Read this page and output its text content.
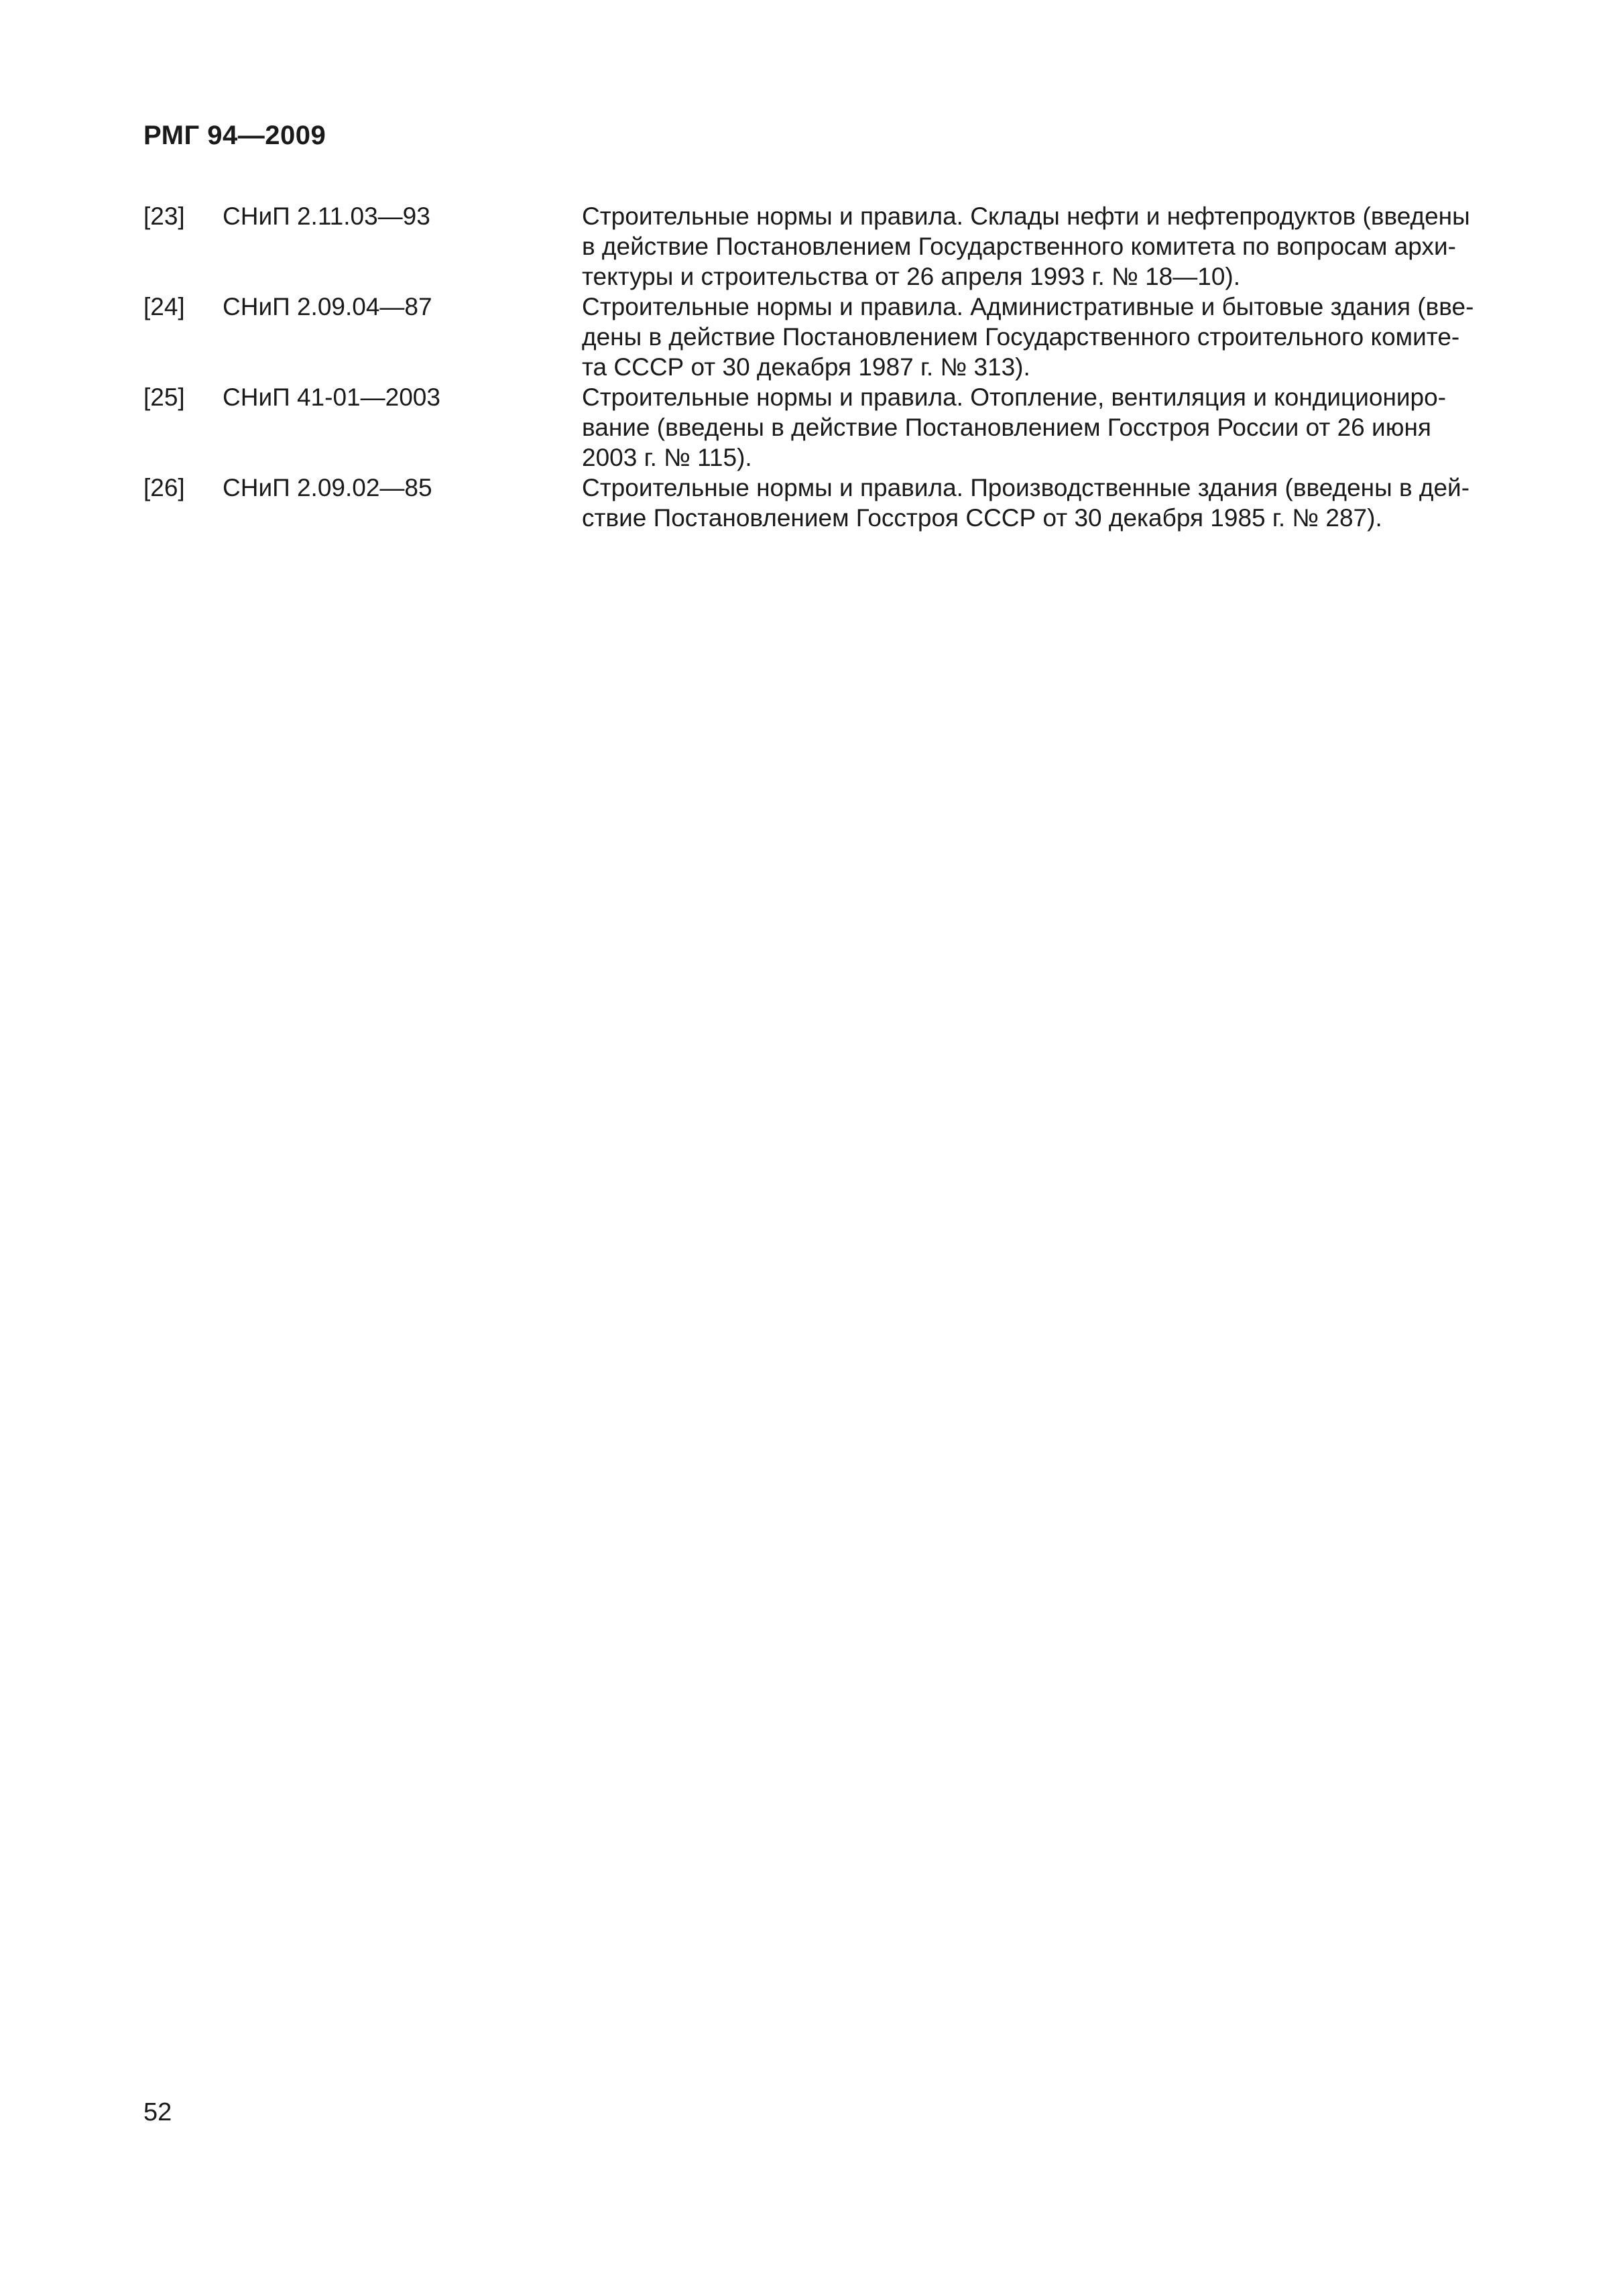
РМГ 94—2009
[23]	СНиП 2.11.03—93	Строительные нормы и правила. Склады нефти и нефтепродуктов (введены
в действие Постановлением Государственного комитета по вопросам архи-
тектуры и строительства от 26 апреля 1993 г. № 18—10).
[24]	СНиП 2.09.04—87	Строительные нормы и правила. Административные и бытовые здания (вве-
дены в действие Постановлением Государственного строительного комите-
та СССР от 30 декабря 1987 г. № 313).
[25]	СНиП 41-01—2003	Строительные нормы и правила. Отопление, вентиляция и кондициониро-
вание (введены в действие Постановлением Госстроя России от 26 июня
2003 г. № 115).
[26]	СНиП 2.09.02—85	Строительные нормы и правила. Производственные здания (введены в дей-
ствие Постановлением Госстроя СССР от 30 декабря 1985 г. № 287).
52
